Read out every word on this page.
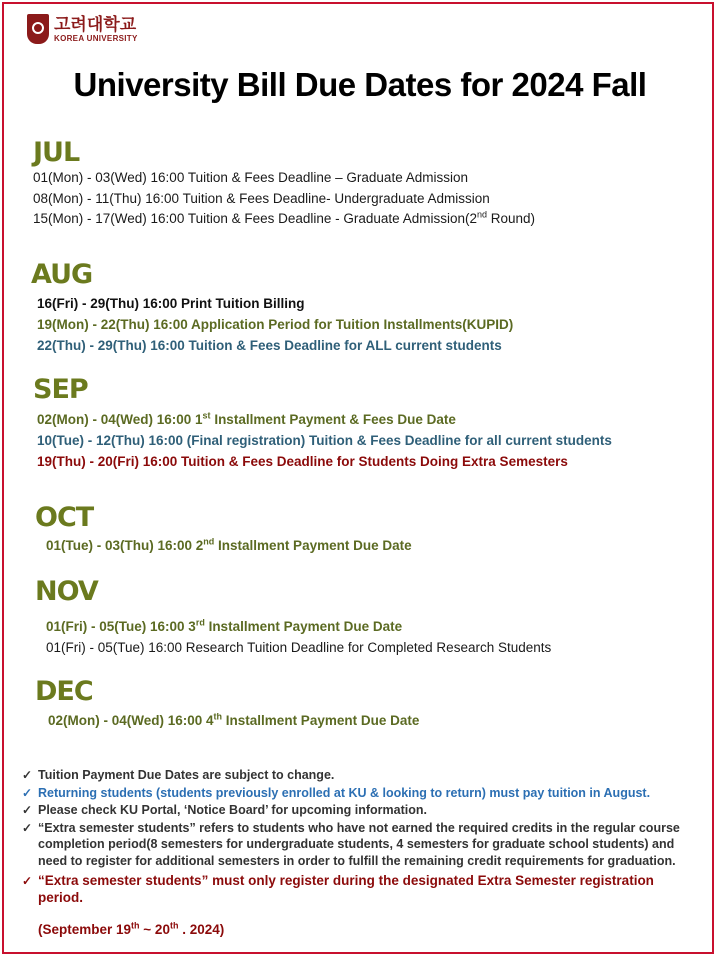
고려대학교
KOREA UNIVERSITY
University Bill Due Dates for 2024 Fall
JUL
01(Mon) - 03(Wed) 16:00 Tuition & Fees Deadline – Graduate Admission
08(Mon) - 11(Thu) 16:00 Tuition & Fees Deadline- Undergraduate Admission
15(Mon) - 17(Wed) 16:00 Tuition & Fees Deadline - Graduate Admission(2nd Round)
AUG
16(Fri) - 29(Thu) 16:00 Print Tuition Billing
19(Mon) - 22(Thu) 16:00 Application Period for Tuition Installments(KUPID)
22(Thu) - 29(Thu) 16:00 Tuition & Fees Deadline for ALL current students
SEP
02(Mon) - 04(Wed) 16:00 1st Installment Payment & Fees Due Date
10(Tue) - 12(Thu) 16:00 (Final registration) Tuition & Fees Deadline for all current students
19(Thu) - 20(Fri) 16:00 Tuition & Fees Deadline for Students Doing Extra Semesters
OCT
01(Tue) - 03(Thu) 16:00 2nd Installment Payment Due Date
NOV
01(Fri) - 05(Tue) 16:00 3rd Installment Payment Due Date
01(Fri) - 05(Tue) 16:00 Research Tuition Deadline for Completed Research Students
DEC
02(Mon) - 04(Wed) 16:00 4th Installment Payment Due Date
✓ Tuition Payment Due Dates are subject to change.
✓ Returning students (students previously enrolled at KU & looking to return) must pay tuition in August.
✓ Please check KU Portal, ‘Notice Board’ for upcoming information.
✓ “Extra semester students” refers to students who have not earned the required credits in the regular course completion period(8 semesters for undergraduate students, 4 semesters for graduate school students) and need to register for additional semesters in order to fulfill the remaining credit requirements for graduation.
✓ “Extra semester students” must only register during the designated Extra Semester registration period.
(September 19th ~ 20th . 2024)
